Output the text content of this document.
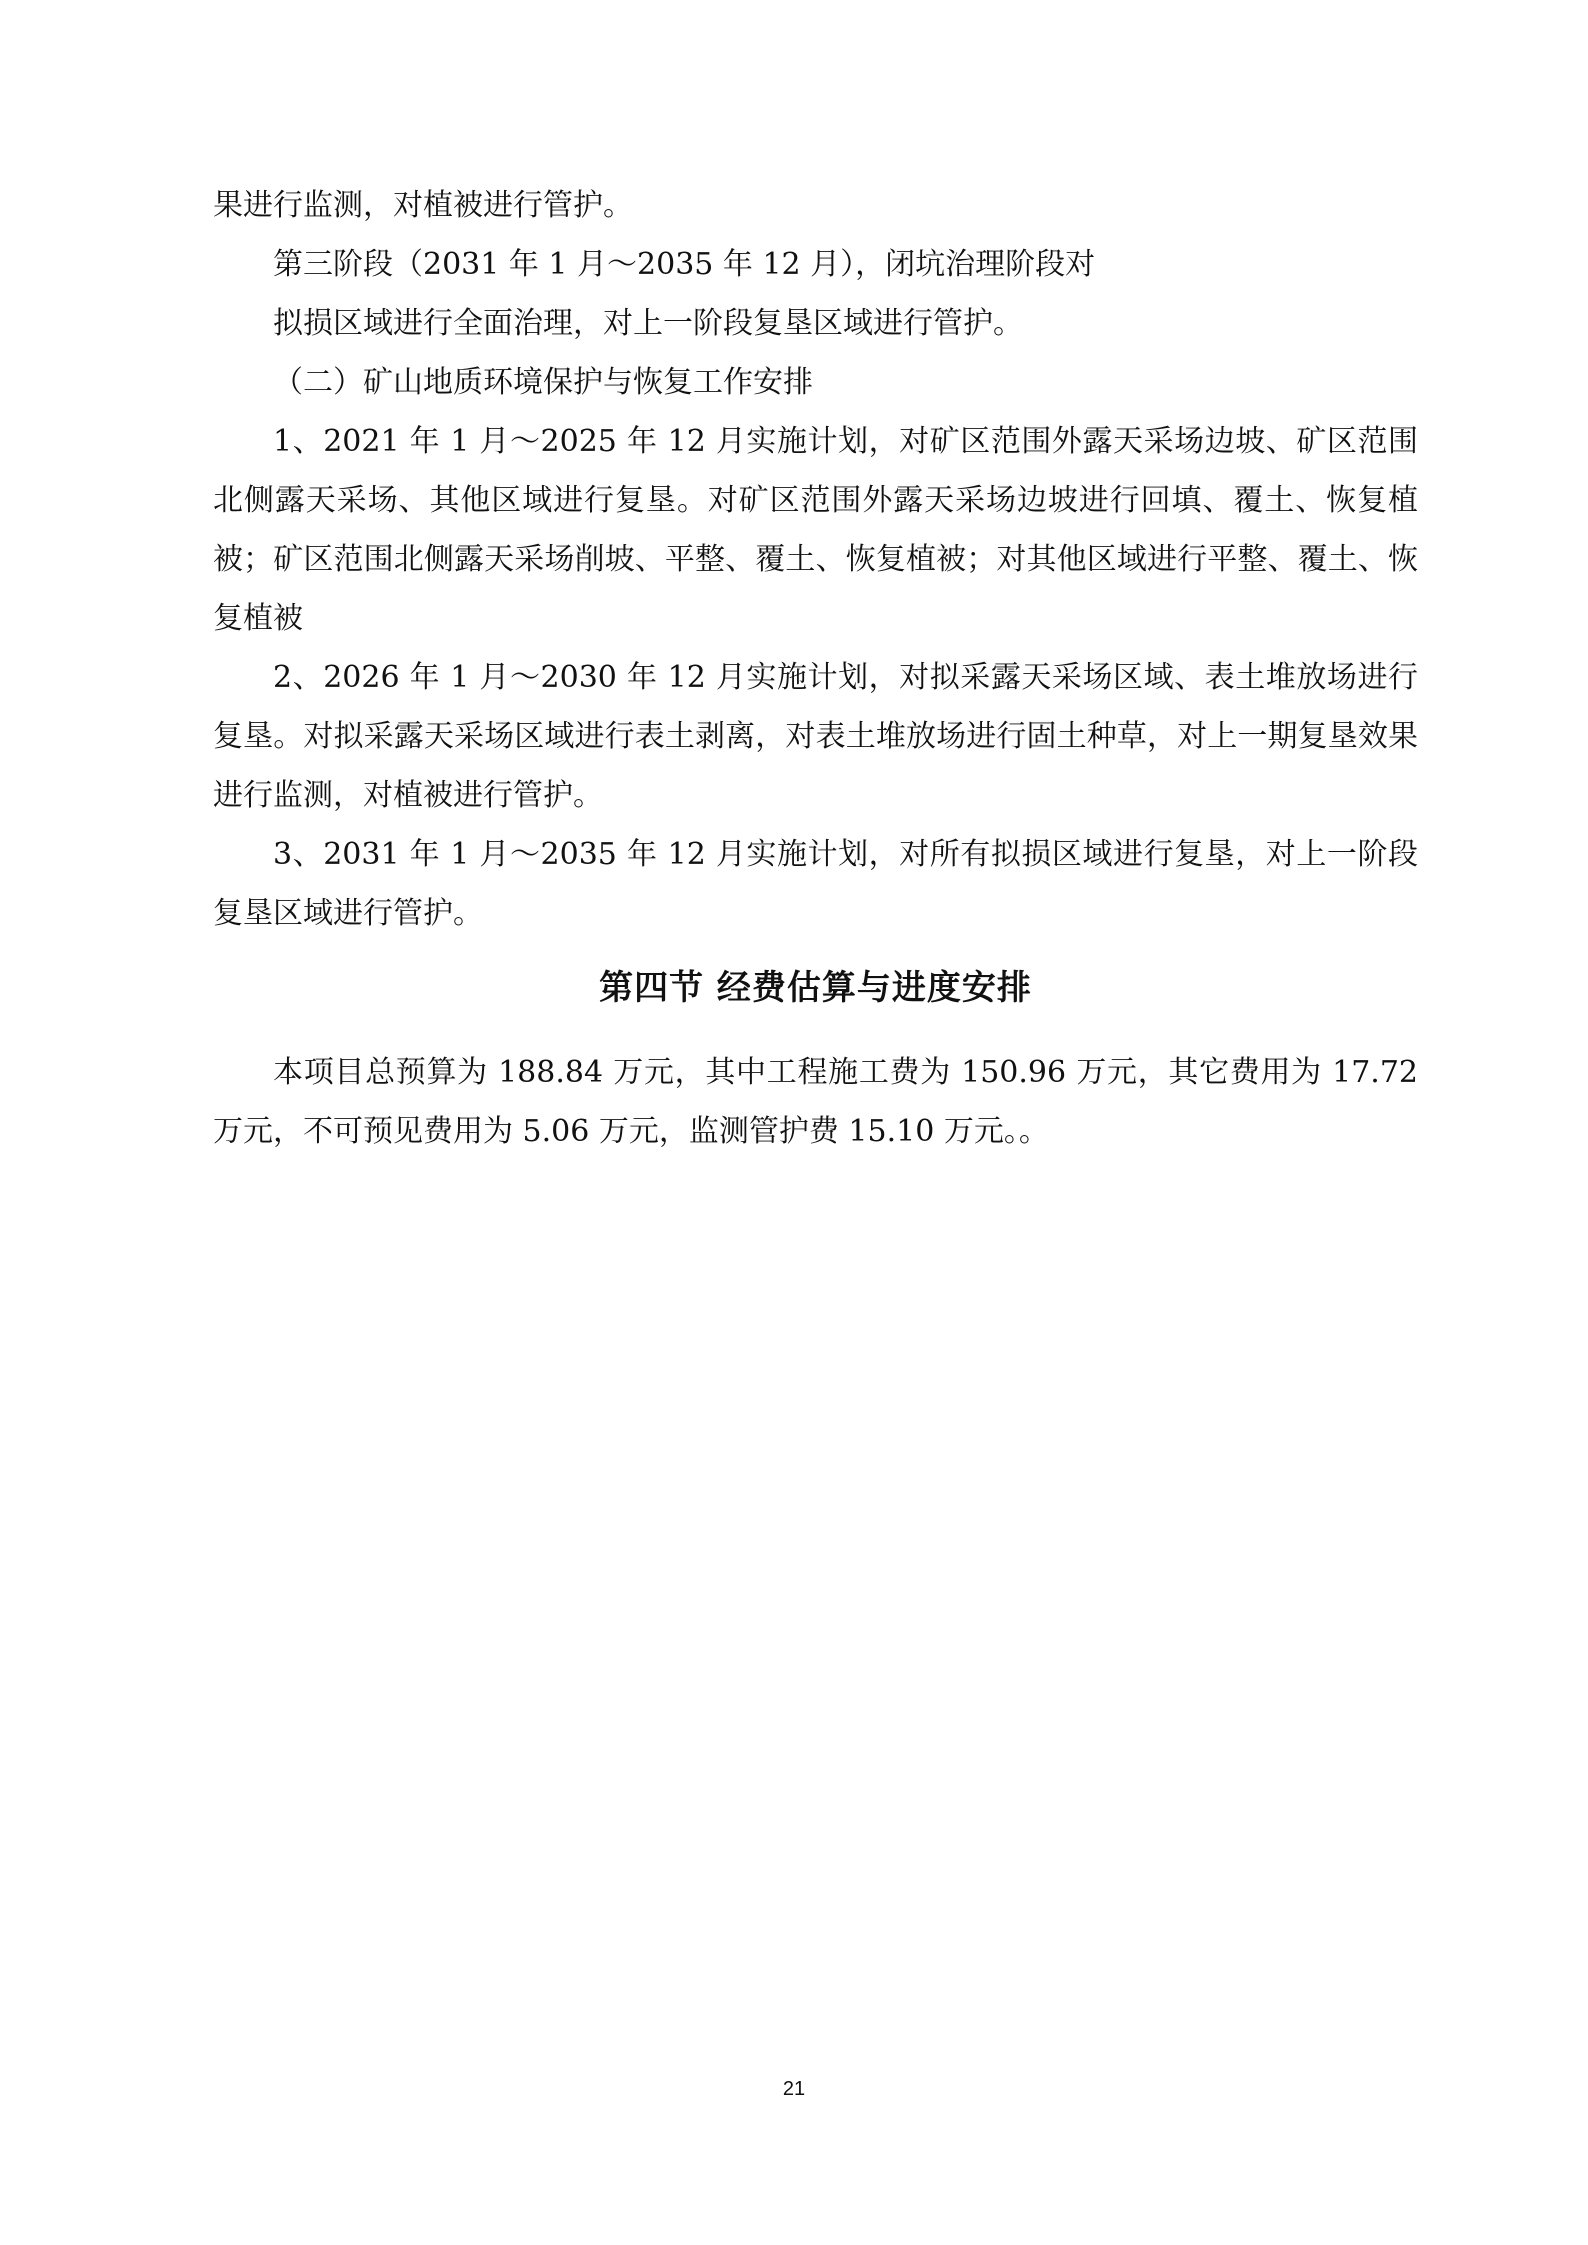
果进行监测，对植被进行管护。

第三阶段（2031 年 1 月～2035 年 12 月），闭坑治理阶段对

拟损区域进行全面治理，对上一阶段复垦区域进行管护。

（二）矿山地质环境保护与恢复工作安排

1、2021 年 1 月～2025 年 12 月实施计划，对矿区范围外露天采场边坡、矿区范围北侧露天采场、其他区域进行复垦。对矿区范围外露天采场边坡进行回填、覆土、恢复植被；矿区范围北侧露天采场削坡、平整、覆土、恢复植被；对其他区域进行平整、覆土、恢复植被

2、2026 年 1 月～2030 年 12 月实施计划，对拟采露天采场区域、表土堆放场进行复垦。对拟采露天采场区域进行表土剥离，对表土堆放场进行固土种草，对上一期复垦效果进行监测，对植被进行管护。

3、2031 年 1 月～2035 年 12 月实施计划，对所有拟损区域进行复垦，对上一阶段复垦区域进行管护。

第四节 经费估算与进度安排

本项目总预算为 188.84 万元，其中工程施工费为 150.96 万元，其它费用为 17.72 万元，不可预见费用为 5.06 万元，监测管护费 15.10 万元。。

21
